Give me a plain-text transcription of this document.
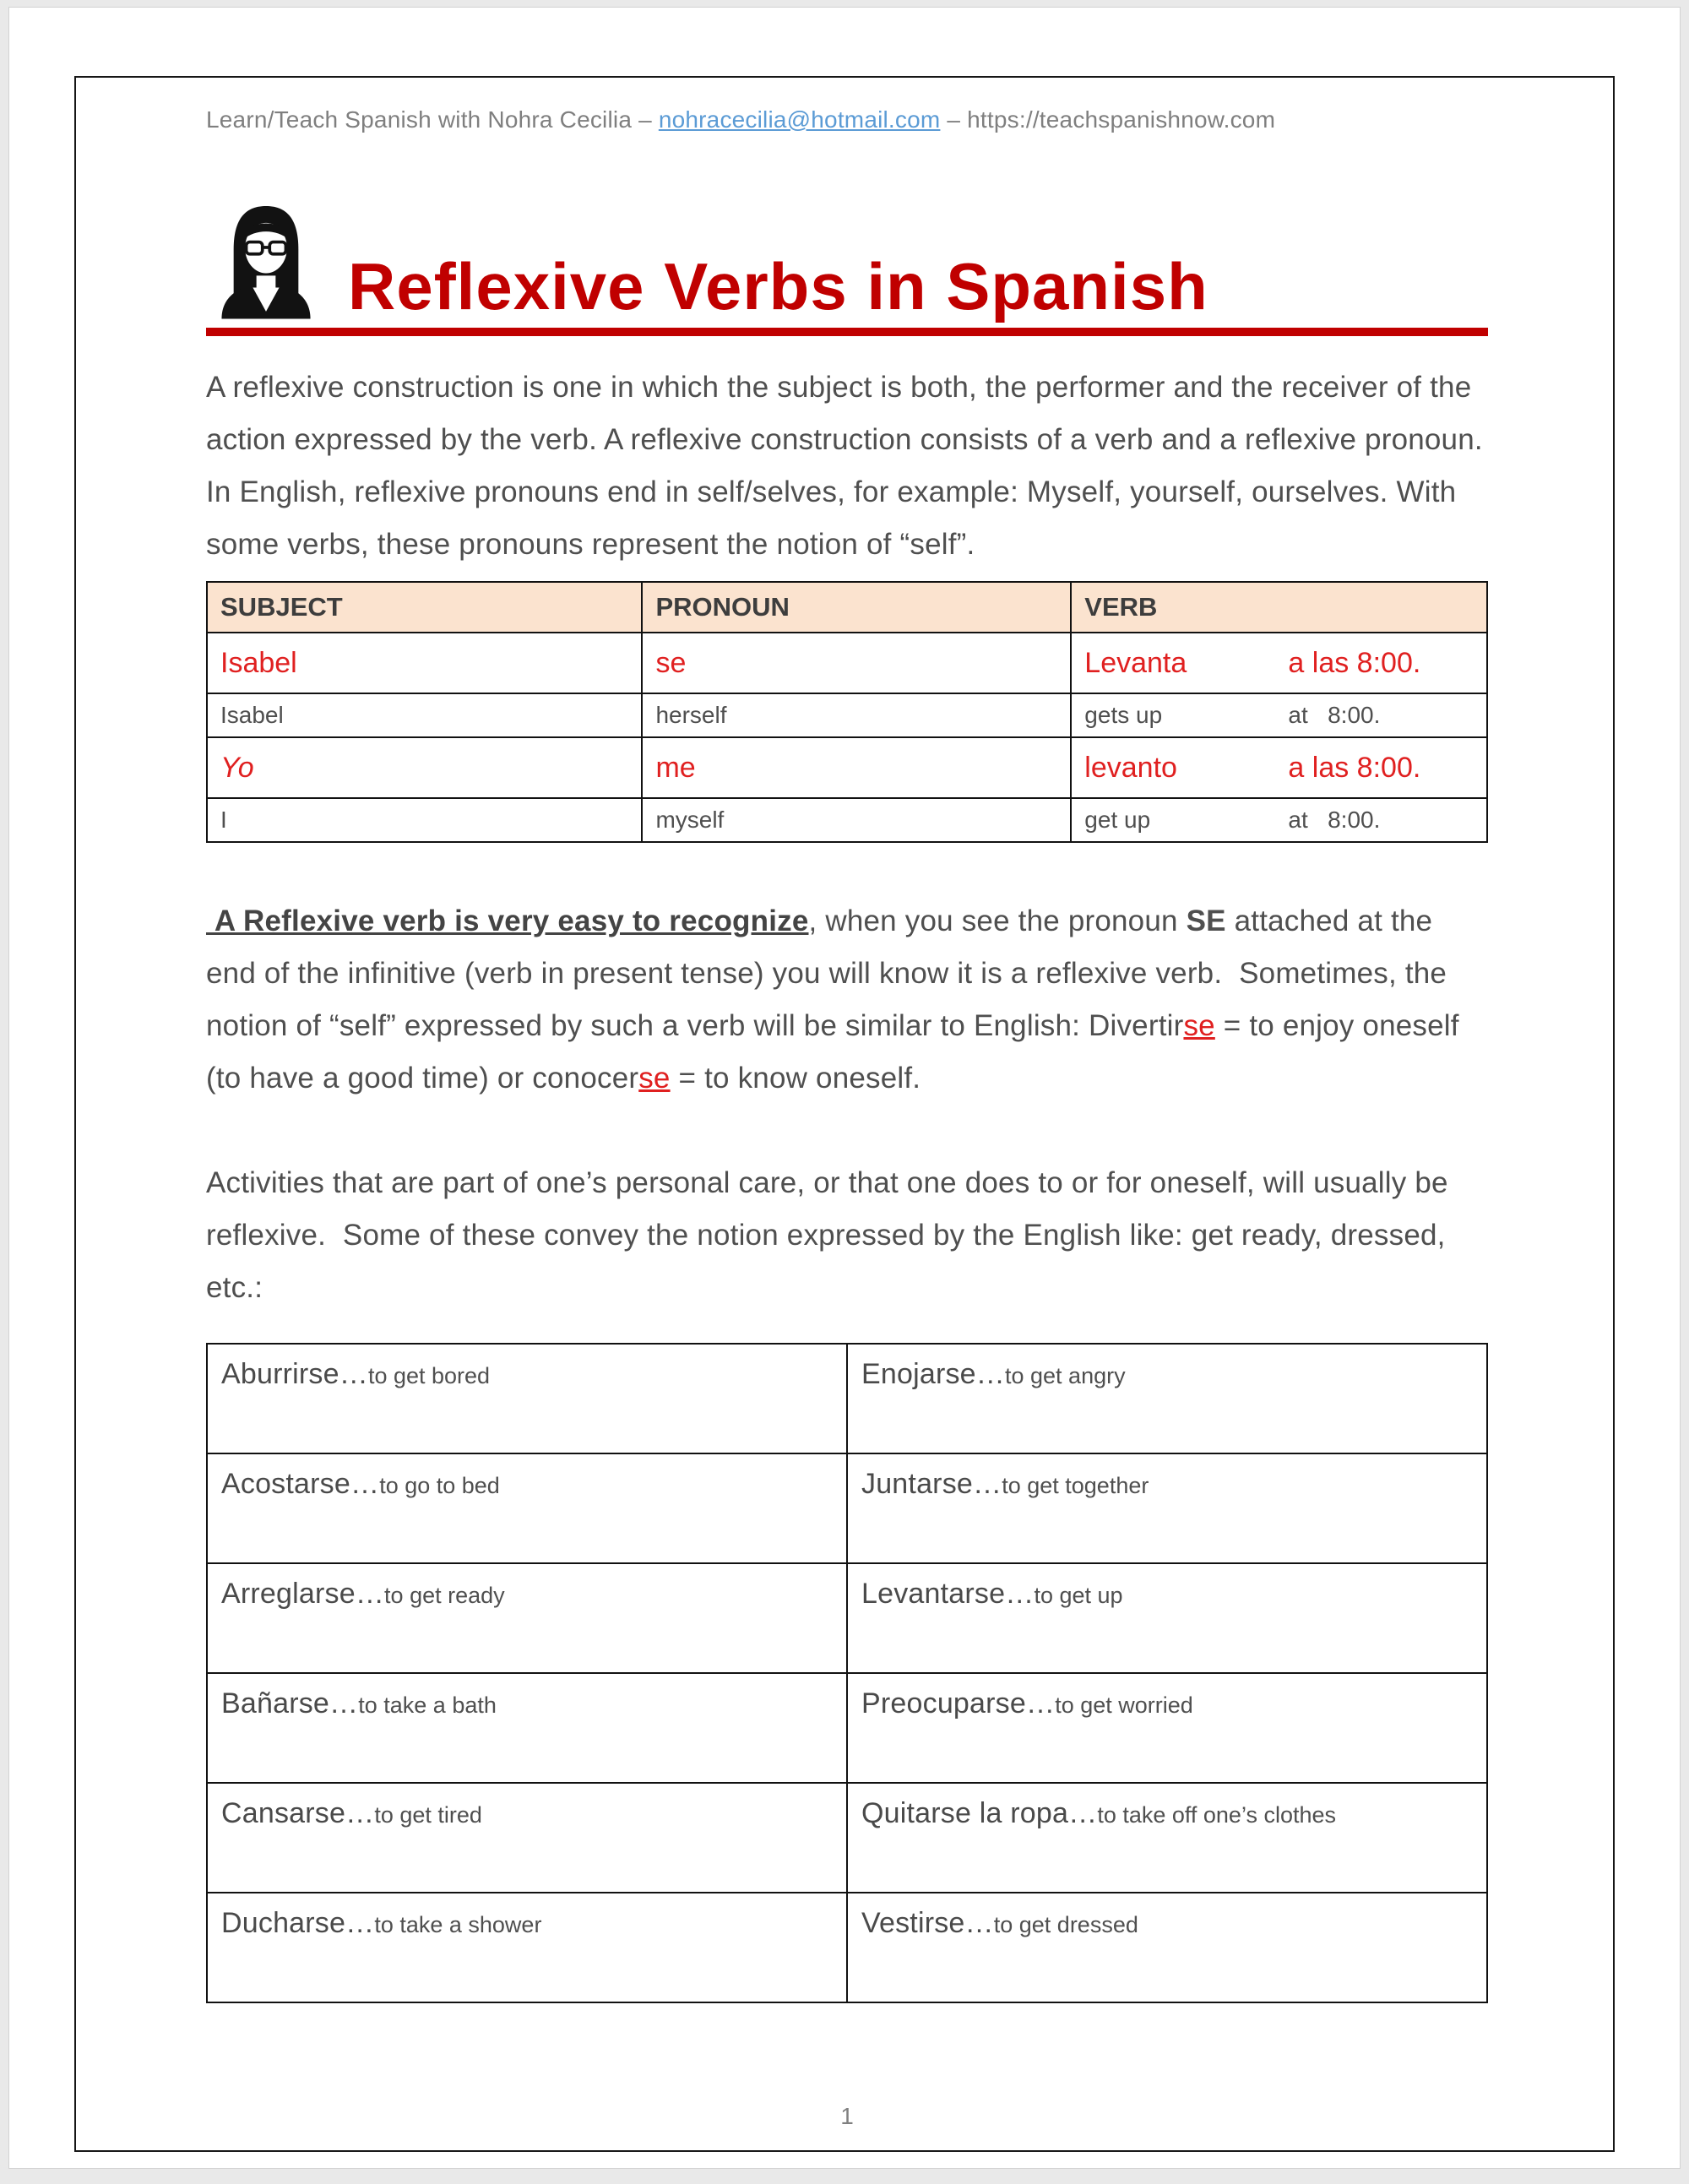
Learn/Teach Spanish with Nohra Cecilia – nohracecilia@hotmail.com – https://teachspanishnow.com
Reflexive Verbs in Spanish
A reflexive construction is one in which the subject is both, the performer and the receiver of the action expressed by the verb. A reflexive construction consists of a verb and a reflexive pronoun. In English, reflexive pronouns end in self/selves, for example: Myself, yourself, ourselves. With some verbs, these pronouns represent the notion of “self”.
SUBJECT	PRONOUN	VERB
Isabel	se	Levanta a las 8:00.

Isabel	herself	gets up at   8:00.

Yo	me	levanto a las 8:00.

I	myself	get up at   8:00.
A Reflexive verb is very easy to recognize, when you see the pronoun SE attached at the end of the infinitive (verb in present tense) you will know it is a reflexive verb.  Sometimes, the notion of “self” expressed by such a verb will be similar to English: Divertirse = to enjoy oneself (to have a good time) or conocerse = to know oneself.
Activities that are part of one’s personal care, or that one does to or for oneself, will usually be reflexive.  Some of these convey the notion expressed by the English like: get ready, dressed, etc.:
Aburrirse…to get bored	Enojarse…to get angry
Acostarse…to go to bed	Juntarse…to get together
Arreglarse…to get ready	Levantarse…to get up
Bañarse…to take a bath	Preocuparse…to get worried
Cansarse…to get tired	Quitarse la ropa…to take off one’s clothes
Ducharse…to take a shower	Vestirse…to get dressed
1
